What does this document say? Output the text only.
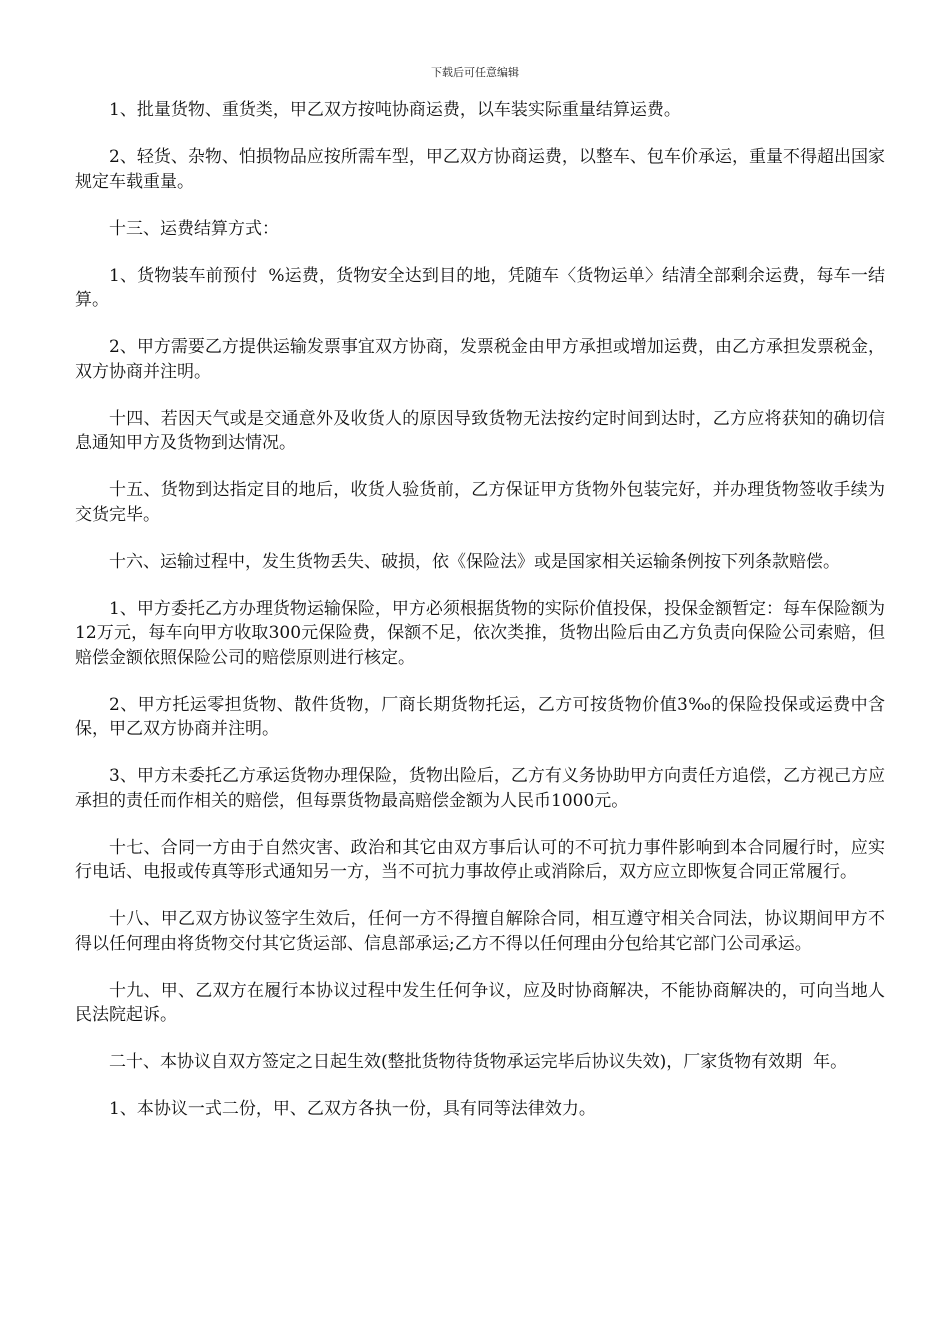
下载后可任意编辑

1、批量货物、重货类，甲乙双方按吨协商运费，以车装实际重量结算运费。

2、轻货、杂物、怕损物品应按所需车型，甲乙双方协商运费，以整车、包车价承运，重量不得超出国家规定车载重量。

十三、运费结算方式：

1、货物装车前预付  %运费，货物安全达到目的地，凭随车〈货物运单〉结清全部剩余运费，每车一结算。

2、甲方需要乙方提供运输发票事宜双方协商，发票税金由甲方承担或增加运费，由乙方承担发票税金，双方协商并注明。

十四、若因天气或是交通意外及收货人的原因导致货物无法按约定时间到达时，乙方应将获知的确切信息通知甲方及货物到达情况。

十五、货物到达指定目的地后，收货人验货前，乙方保证甲方货物外包装完好，并办理货物签收手续为交货完毕。

十六、运输过程中，发生货物丢失、破损，依《保险法》或是国家相关运输条例按下列条款赔偿。

1、甲方委托乙方办理货物运输保险，甲方必须根据货物的实际价值投保，投保金额暂定：每车保险额为12万元，每车向甲方收取300元保险费，保额不足，依次类推，货物出险后由乙方负责向保险公司索赔，但赔偿金额依照保险公司的赔偿原则进行核定。

2、甲方托运零担货物、散件货物，厂商长期货物托运，乙方可按货物价值3‰的保险投保或运费中含保，甲乙双方协商并注明。

3、甲方未委托乙方承运货物办理保险，货物出险后，乙方有义务协助甲方向责任方追偿，乙方视己方应承担的责任而作相关的赔偿，但每票货物最高赔偿金额为人民币1000元。

十七、合同一方由于自然灾害、政治和其它由双方事后认可的不可抗力事件影响到本合同履行时，应实行电话、电报或传真等形式通知另一方，当不可抗力事故停止或消除后，双方应立即恢复合同正常履行。

十八、甲乙双方协议签字生效后，任何一方不得擅自解除合同，相互遵守相关合同法，协议期间甲方不得以任何理由将货物交付其它货运部、信息部承运;乙方不得以任何理由分包给其它部门公司承运。

十九、甲、乙双方在履行本协议过程中发生任何争议，应及时协商解决，不能协商解决的，可向当地人民法院起诉。

二十、本协议自双方签定之日起生效(整批货物待货物承运完毕后协议失效)，厂家货物有效期  年。

1、本协议一式二份，甲、乙双方各执一份，具有同等法律效力。
